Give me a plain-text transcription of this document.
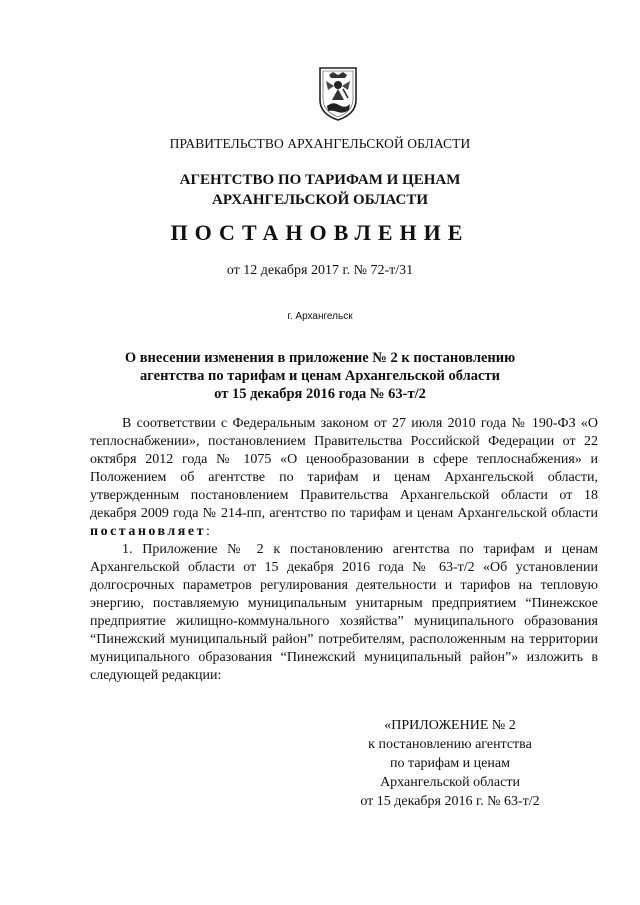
ПРАВИТЕЛЬСТВО АРХАНГЕЛЬСКОЙ ОБЛАСТИ
АГЕНТСТВО ПО ТАРИФАМ И ЦЕНАМ
АРХАНГЕЛЬСКОЙ ОБЛАСТИ
ПОСТАНОВЛЕНИЕ
от 12 декабря 2017 г. № 72-т/31
г. Архангельск
О внесении изменения в приложение № 2 к постановлению
агентства по тарифам и ценам Архангельской области
от 15 декабря 2016 года № 63-т/2

В соответствии с Федеральным законом от 27 июля 2010 года № 190-ФЗ «О теплоснабжении», постановлением Правительства Российской Федерации от 22 октября 2012 года № 1075 «О ценообразовании в сфере теплоснабжения» и Положением об агентстве по тарифам и ценам Архангельской области, утвержденным постановлением Правительства Архангельской области от 18 декабря 2009 года № 214-пп, агентство по тарифам и ценам Архангельской области постановляет:

1. Приложение № 2 к постановлению агентства по тарифам и ценам Архангельской области от 15 декабря 2016 года № 63-т/2 «Об установлении долгосрочных параметров регулирования деятельности и тарифов на тепловую энергию, поставляемую муниципальным унитарным предприятием “Пинежское предприятие жилищно-коммунального хозяйства” муниципального образования “Пинежский муниципальный район” потребителям, расположенным на территории муниципального образования “Пинежский муниципальный район”» изложить в следующей редакции:

«ПРИЛОЖЕНИЕ № 2
к постановлению агентства
по тарифам и ценам
Архангельской области
от 15 декабря 2016 г. № 63-т/2
